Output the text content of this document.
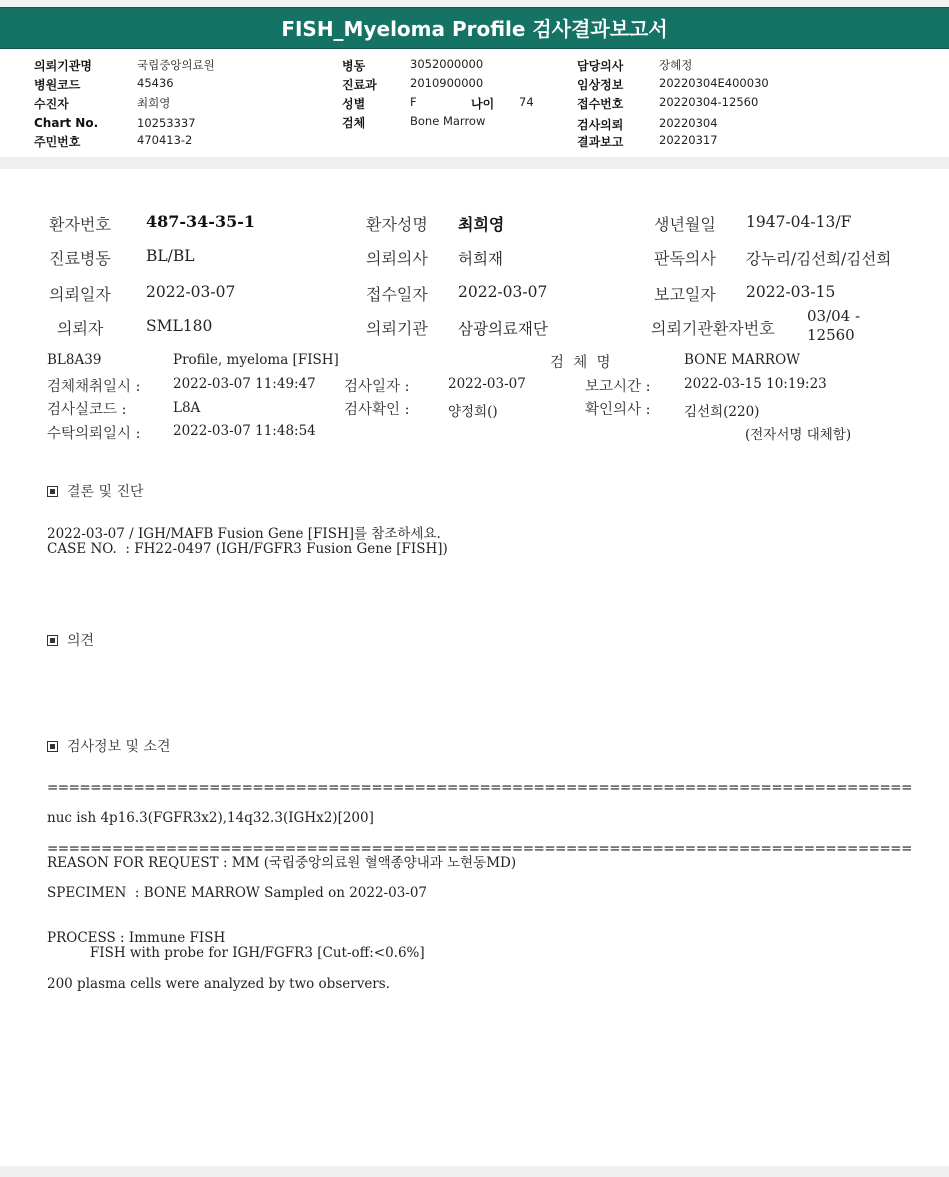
FISH_Myeloma Profile 검사결과보고서
의뢰기관명	국립중앙의료원
병원코드	45436
수진자	최희영
Chart No.	10253337
주민번호	470413-2
병동	3052000000
진료과	2010900000
성별	F	나이 74
검체	Bone Marrow
담당의사	장혜정
임상정보	20220304E400030
접수번호	20220304-12560
검사의뢰	20220304
결과보고	20220317
환자번호 487-34-35-1	환자성명 최희영	생년월일 1947-04-13/F
진료병동 BL/BL	의뢰의사 허희재	판독의사 강누리/김선희/김선희
의뢰일자 2022-03-07	접수일자 2022-03-07	보고일자 2022-03-15
의뢰자	SML180	의뢰기관 삼광의료재단	의뢰기관환자번호
03/04 -
12560
BL8A39	Profile, myeloma [FISH]	검  체  명	BONE MARROW
검체채취일시 : 2022-03-07 11:49:47 검사일자 :	2022-03-07	보고시간 : 2022-03-15 10:19:23
검사실코드 :	L8A	검사확인 :	양정희()	확인의사 : 김선희(220)
수탁의뢰일시 : 2022-03-07 11:48:54	(전자서명 대체함)
결론 및 진단
2022-03-07 / IGH/MAFB Fusion Gene [FISH]를 참조하세요.
CASE NO.  : FH22-0497 (IGH/FGFR3 Fusion Gene [FISH])
의견
검사정보 및 소견
================================================================================
nuc ish 4p16.3(FGFR3x2),14q32.3(IGHx2)[200]
================================================================================
REASON FOR REQUEST : MM (국립중앙의료원 혈액종양내과 노현동MD)
SPECIMEN  : BONE MARROW Sampled on 2022-03-07
PROCESS : Immune FISH
FISH with probe for IGH/FGFR3 [Cut-off:<0.6%]
200 plasma cells were analyzed by two observers.
